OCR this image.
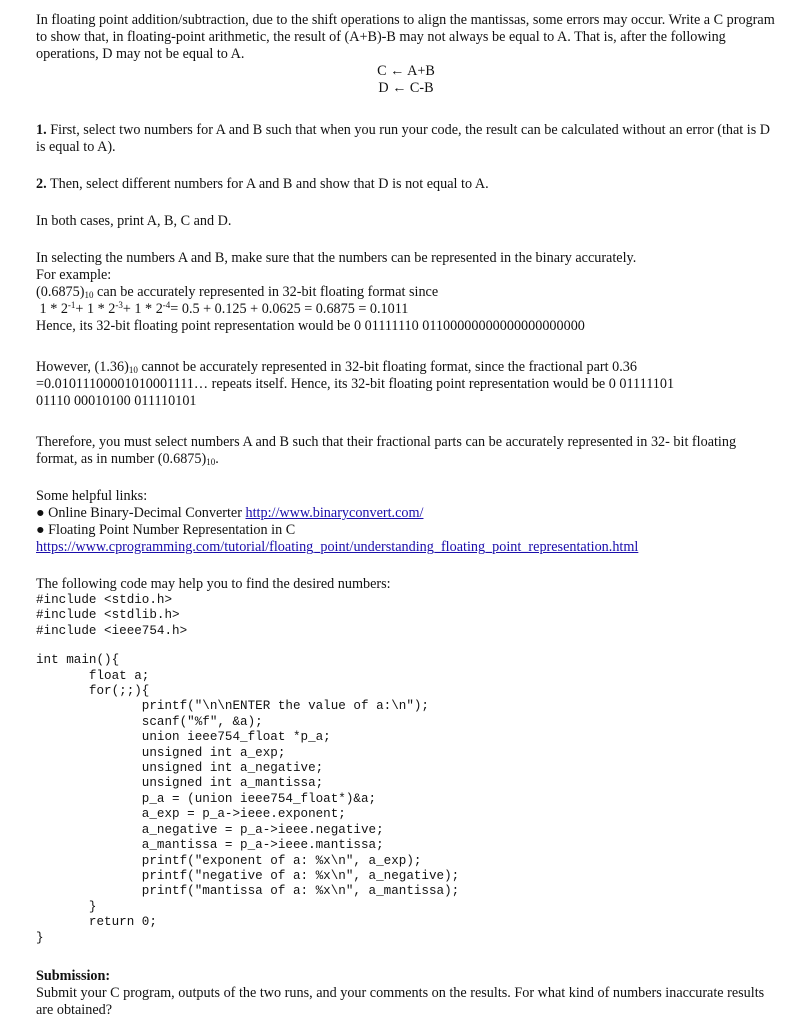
In floating point addition/subtraction, due to the shift operations to align the mantissas, some errors may occur. Write a C program to show that, in floating-point arithmetic, the result of (A+B)-B may not always be equal to A. That is, after the following operations, D may not be equal to A.

C ← A+B

D ← C-B

1. First, select two numbers for A and B such that when you run your code, the result can be calculated without an error (that is D is equal to A).

2. Then, select different numbers for A and B and show that D is not equal to A.

In both cases, print A, B, C and D.

In selecting the numbers A and B, make sure that the numbers can be represented in the binary accurately.

For example:

$(0.6875)_{10}$ can be accurately represented in 32-bit floating format since

$1 * 2^{-1}+ 1 * 2^{-3}+ 1 * 2^{-4}= 0.5 + 0.125 + 0.0625 = 0.6875 = 0.1011$

Hence, its 32-bit floating point representation would be 0 01111110 01100000000000000000000

However, $(1.36)_{10}$ cannot be accurately represented in 32-bit floating format, since the fractional part 0.36 =0.01011100001010001111… repeats itself. Hence, its 32-bit floating point representation would be 0 01111101
01110 00010100 011110101

Therefore, you must select numbers A and B such that their fractional parts can be accurately represented in 32- bit floating format, as in number $(0.6875)_{10}$.

Some helpful links:

● Online Binary-Decimal Converter http://www.binaryconvert.com/

● Floating Point Number Representation in C

https://www.cprogramming.com/tutorial/floating_point/understanding_floating_point_representation.html

The following code may help you to find the desired numbers:

#include <stdio.h>
#include <stdlib.h>
#include <ieee754.h>
int main(){
float a;
for(;;){
printf("\n\nENTER the value of a:\n");
scanf("%f", &a);
union ieee754_float *p_a;
unsigned int a_exp;
unsigned int a_negative;
unsigned int a_mantissa;
p_a = (union ieee754_float*)&a;
a_exp = p_a->ieee.exponent;
a_negative = p_a->ieee.negative;
a_mantissa = p_a->ieee.mantissa;
printf("exponent of a: %x\n", a_exp);
printf("negative of a: %x\n", a_negative);
printf("mantissa of a: %x\n", a_mantissa);
}
return 0;
}

Submission:

Submit your C program, outputs of the two runs, and your comments on the results. For what kind of numbers inaccurate results are obtained?
